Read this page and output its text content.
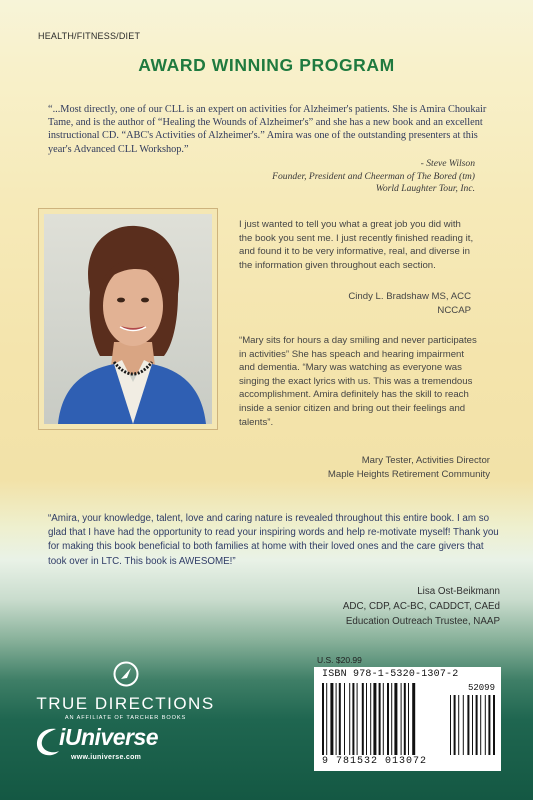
HEALTH/FITNESS/DIET
AWARD WINNING PROGRAM
“...Most directly, one of our CLL is an expert on activities for Alzheimer's patients. She is Amira Choukair Tame, and is the author of “Healing the Wounds of Alzheimer's” and she has a new book and an excellent instructional CD. “ABC's Activities of Alzheimer's.” Amira was one of the outstanding presenters at this year's Advanced CLL Workshop.”
- Steve Wilson
Founder, President and Cheerman of The Bored (tm)
World Laughter Tour, Inc.
I just wanted to tell you what a great job you did with
the book you sent me. I just recently finished reading it,
and found it to be very informative, real, and diverse in
the information given throughout each section.
Cindy L. Bradshaw MS, ACC
NCCAP
“Mary sits for hours a day smiling and never participates
in activities” She has speach and hearing impairment
and dementia. “Mary was watching as everyone was
singing the exact lyrics with us. This was a tremendous
accomplishment. Amira definitely has the skill to reach
inside a senior citizen and bring out their feelings and
talents”.
Mary Tester, Activities Director
Maple Heights Retirement Community
“Amira, your knowledge, talent, love and caring nature is revealed throughout this entire book. I am so glad that I have had the opportunity to read your inspiring words and help re-motivate myself! Thank you for making this book beneficial to both families at home with their loved ones and the care givers that took over in LTC. This book is AWESOME!”
Lisa Ost-Beikmann
ADC, CDP, AC-BC, CADDCT, CAEd
Education Outreach Trustee, NAAP
TRUE DIRECTIONS
AN AFFILIATE OF TARCHER BOOKS
iUniverse
www.iuniverse.com
U.S. $20.99
ISBN 978-1-5320-1307-2
52099
9 781532 013072
